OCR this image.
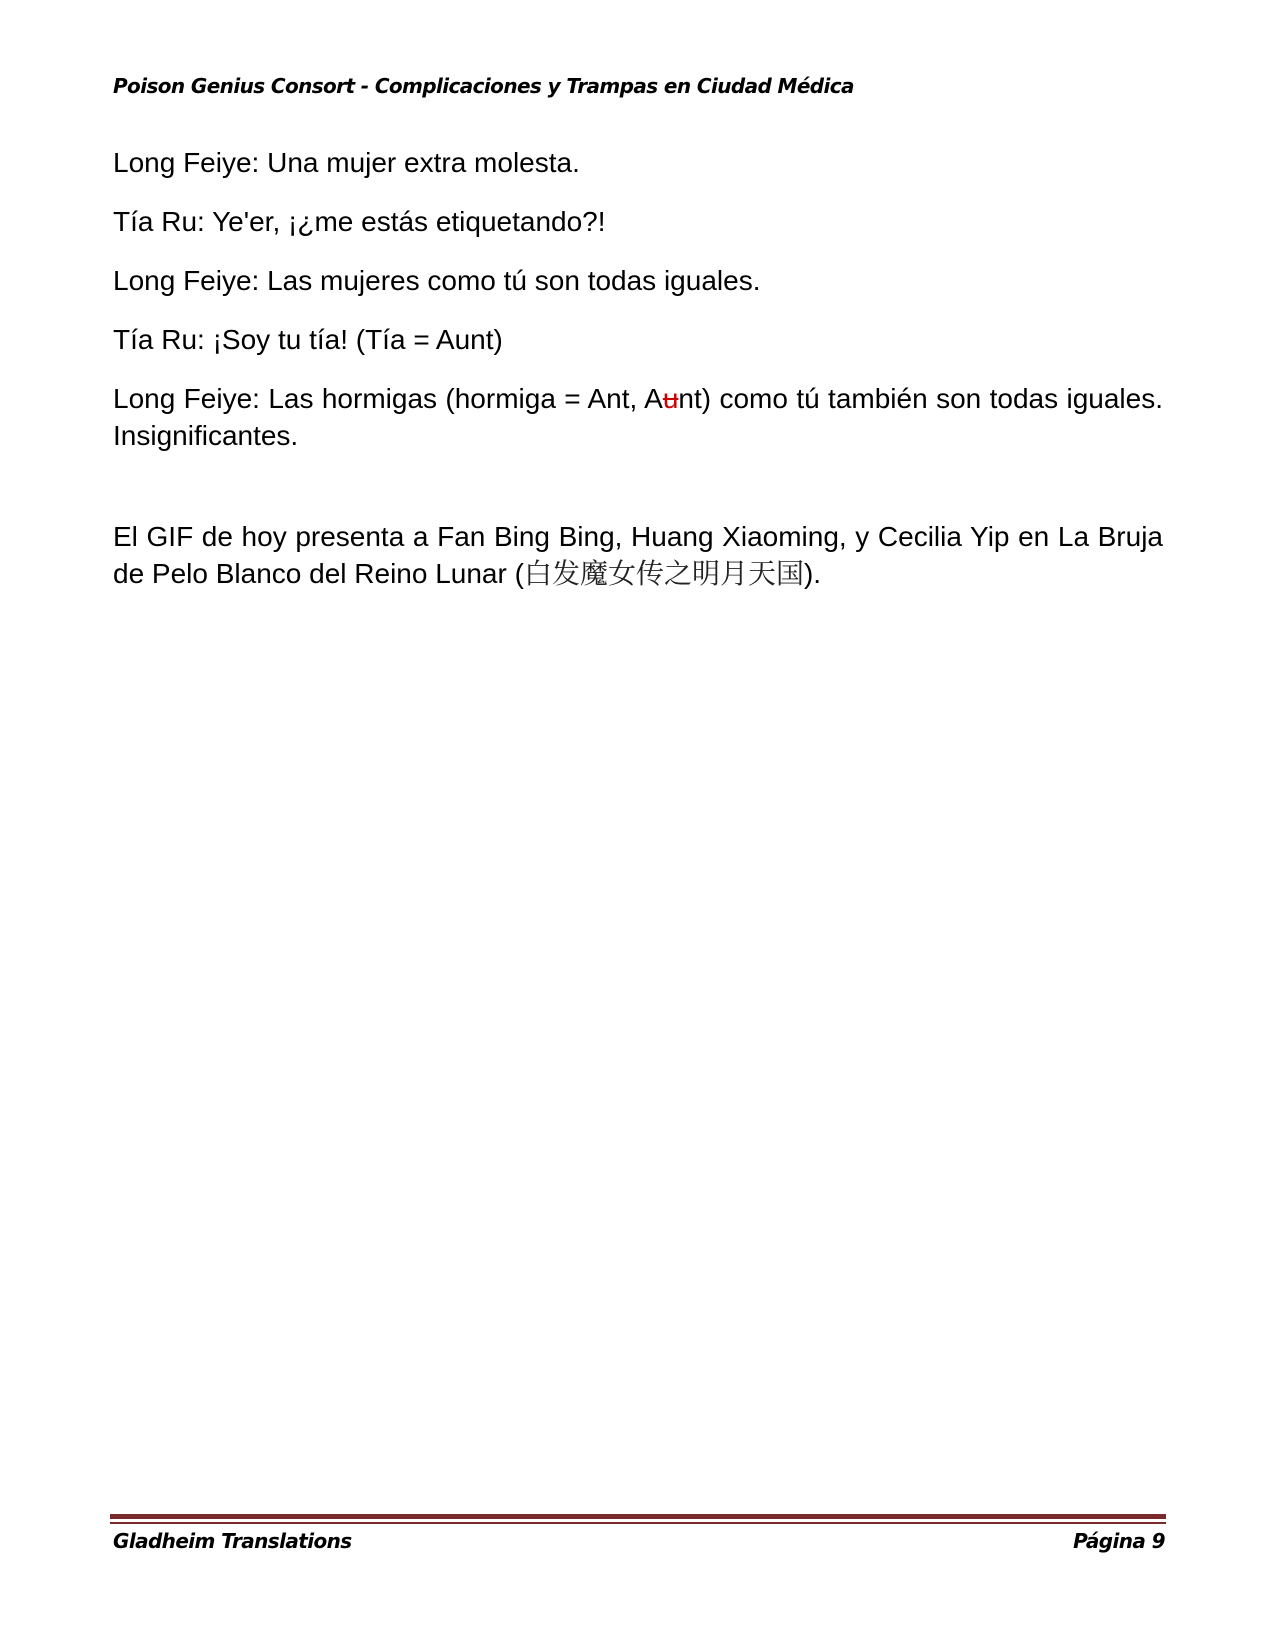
Poison Genius Consort - Complicaciones y Trampas en Ciudad Médica

Long Feiye: Una mujer extra molesta.

Tía Ru: Ye'er, ¡¿me estás etiquetando?!

Long Feiye: Las mujeres como tú son todas iguales.

Tía Ru: ¡Soy tu tía! (Tía = Aunt)

Long Feiye: Las hormigas (hormiga = Ant, Aunt) como tú también son todas iguales. Insignificantes.

El GIF de hoy presenta a Fan Bing Bing, Huang Xiaoming, y Cecilia Yip en La Bruja de Pelo Blanco del Reino Lunar (白发魔女传之明月天国).

Gladheim Translations	Página 9
